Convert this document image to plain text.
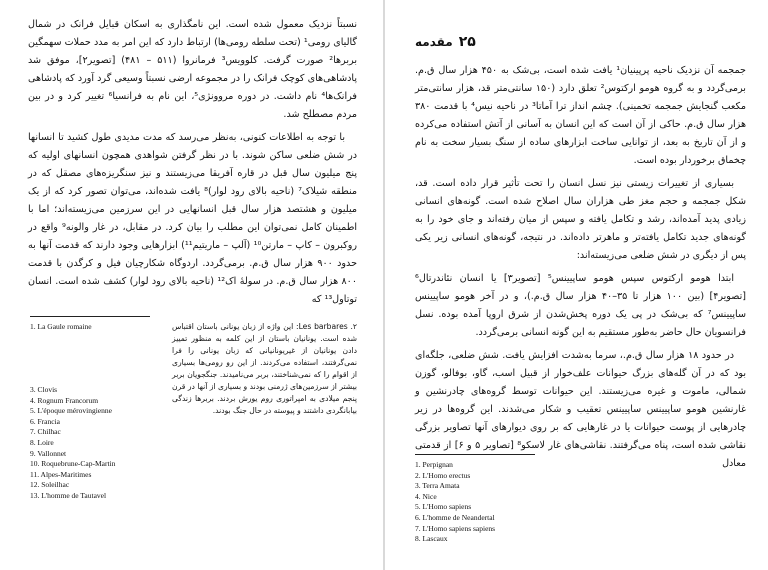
نسبتاً نزدیک معمول شده است. این نامگذاری به اسکان قبایل فرانک در شمال گالیای رومی¹ (تحت سلطه رومی‌ها) ارتباط دارد که این امر به مدد حملات سهمگین بربرها² صورت گرفت. کلوویس³ فرمانروا (۵۱۱ – ۴۸۱) [تصویر۲]، موفق شد پادشاهی‌های کوچک فرانک را در مجموعه ارضی نسبتاً وسیعی گرد آورد که پادشاهی فرانک‌ها⁴ نام داشت. در دوره مروونژی⁵، این نام به فرانسیا⁶ تغییر کرد و در بین مردم مصطلح شد.

با توجه به اطلاعات کنونی، به‌نظر می‌رسد که مدت مدیدی طول کشید تا انسانها در شش ضلعی ساکن شوند. با در نظر گرفتن شواهدی همچون انسانهای اولیه که پنج میلیون سال قبل در قاره آفریقا می‌زیستند و نیز سنگریزه‌های مصقل که در منطقه شیلاک⁷ (ناحیه بالای رود لوار)⁸ یافت شده‌اند، می‌توان تصور کرد که از یک میلیون و هشتصد هزار سال قبل انسانهایی در این سرزمین می‌زیسته‌اند؛ اما با اطمینان کامل نمی‌توان این مطلب را بیان کرد. در مقابل، در غار والونه⁹ واقع در روکبرون – کاپ – مارتن¹⁰ (آلپ – ماریتیم¹¹) ابزارهایی وجود دارند که قدمت آنها به حدود ۹۰۰ هزار سال ق.م. برمی‌گردد. اردوگاه شکارچیان فیل و کرگدن با قدمت ۸۰۰ هزار سال ق.م. در سولهٔ اک¹² (ناحیه بالای رود لوار) کشف شده است. انسان توتاول¹³ که

1. La Gaule romaine	۲. Les barbares: این واژه از زبان یونانی باستان اقتباس شده است. یونانیان باستان از این کلمه به منظور تمییز دادن یونانیان از غیریونانیانی که زبان یونانی را فرا نمی‌گرفتند، استفاده می‌کردند. از این رو رومی‌ها بسیاری از اقوام را که نمی‌شناختند، بربر می‌نامیدند. جنگجویان بربر بیشتر از سرزمین‌های ژرمنی بودند و بسیاری از آنها در قرن پنجم میلادی به امپراتوری روم یورش بردند. بربرها زندگی بیابانگردی داشتند و پیوسته در حال جنگ بودند.
3. Clovis
4. Rognum Francorum
5. L'époque mérovingienne
6. Francia
7. Chilhac
8. Loire
9. Vallonnet
10. Roquebrune-Cap-Martin
11. Alpes-Maritimes
12. Soleilhac
13. L'homme de Tautavel
۲۵مقدمه

جمجمه آن نزدیک ناحیه پرپینیان¹ یافت شده است، بی‌شک به ۴۵۰ هزار سال ق.م. برمی‌گردد و به گروه هومو ارکتوس² تعلق دارد (۱۵۰ سانتی‌متر قد، هزار سانتی‌متر مکعب گنجایش جمجمه تخمینی). چشم انداز ترا آماتا³ در ناحیه نیس⁴ با قدمت ۳۸۰ هزار سال ق.م. حاکی از آن است که این انسان به آسانی از آتش استفاده می‌کرده و از آن تاریخ به بعد، از توانایی ساخت ابزارهای ساده از سنگ بسیار سخت به نام چخماق برخوردار بوده است.

بسیاری از تغییرات زیستی نیز نسل انسان را تحت تأثیر قرار داده است. قد، شکل جمجمه و حجم مغز طی هزاران سال اصلاح شده است. گونه‌های انسانی زیادی پدید آمده‌اند، رشد و تکامل یافته و سپس از میان رفته‌اند و جای خود را به گونه‌های جدید تکامل یافته‌تر و ماهرتر داده‌اند. در نتیجه، گونه‌های انسانی زیر یکی پس از دیگری در شش ضلعی می‌زیسته‌اند:

ابتدا هومو ارکتوس سپس هومو ساپیینس⁵ [تصویر۳] یا انسان نئاندرتال⁶ [تصویر۴] (بین ۱۰۰ هزار تا ۳۵–۴۰ هزار سال ق.م.)، و در آخر هومو ساپیینس ساپیینس⁷ که بی‌شک در پی یک دوره پخش‌شدن از شرق اروپا آمده بوده. نسل فرانسویان حال حاضر به‌طور مستقیم به این گونه انسانی برمی‌گردد.

در حدود ۱۸ هزار سال ق.م.، سرما به‌شدت افزایش یافت. شش ضلعی، جلگه‌ای بود که در آن گله‌های بزرگ حیوانات علف‌خوار از قبیل اسب، گاو، بوفالو، گوزن شمالی، ماموت و غیره می‌زیستند. این حیوانات توسط گروه‌های چادرنشین و غارنشین هومو ساپیینس ساپیینس تعقیب و شکار می‌شدند. این گروه‌ها در زیر چادرهایی از پوست حیوانات یا در غارهایی که بر روی دیوارهای آنها تصاویر بزرگی نقاشی شده است، پناه می‌گرفتند. نقاشی‌های غار لاسکو⁸ [تصاویر ۵ و ۶] از قدمتی معادل

1. Perpignan
2. L'Homo erectus
3. Terra Amata
4. Nice
5. L'Homo sapiens
6. L'homme de Neandertal
7. L'Homo sapiens sapiens
8. Lascaux
